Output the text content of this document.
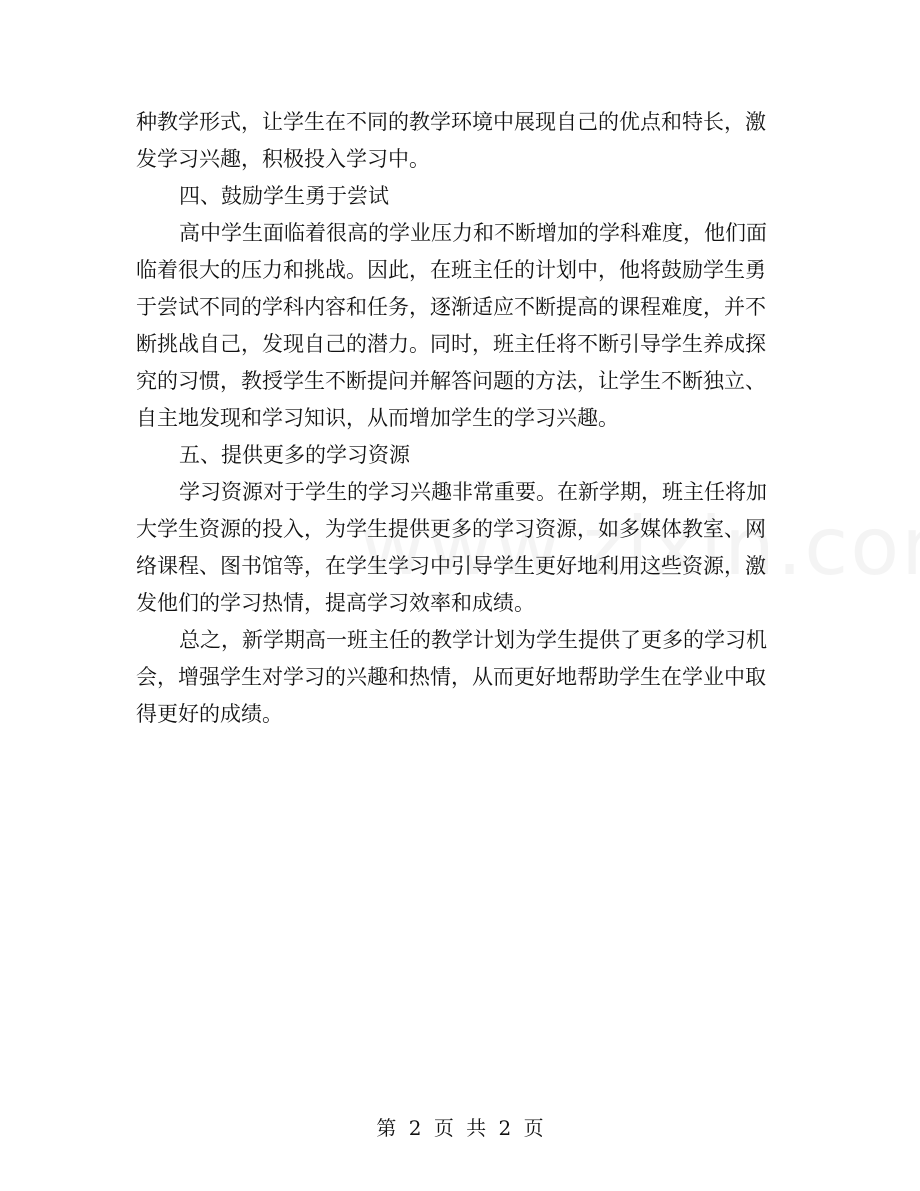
种教学形式，让学生在不同的教学环境中展现自己的优点和特长，激
发学习兴趣，积极投入学习中。
四、鼓励学生勇于尝试
高中学生面临着很高的学业压力和不断增加的学科难度，他们面
临着很大的压力和挑战。因此，在班主任的计划中，他将鼓励学生勇
于尝试不同的学科内容和任务，逐渐适应不断提高的课程难度，并不
断挑战自己，发现自己的潜力。同时，班主任将不断引导学生养成探
究的习惯，教授学生不断提问并解答问题的方法，让学生不断独立、
自主地发现和学习知识，从而增加学生的学习兴趣。
五、提供更多的学习资源
学习资源对于学生的学习兴趣非常重要。在新学期，班主任将加
大学生资源的投入，为学生提供更多的学习资源，如多媒体教室、网
络课程、图书馆等，在学生学习中引导学生更好地利用这些资源，激
发他们的学习热情，提高学习效率和成绩。
总之，新学期高一班主任的教学计划为学生提供了更多的学习机
会，增强学生对学习的兴趣和热情，从而更好地帮助学生在学业中取
得更好的成绩。
第 2 页 共 2 页
